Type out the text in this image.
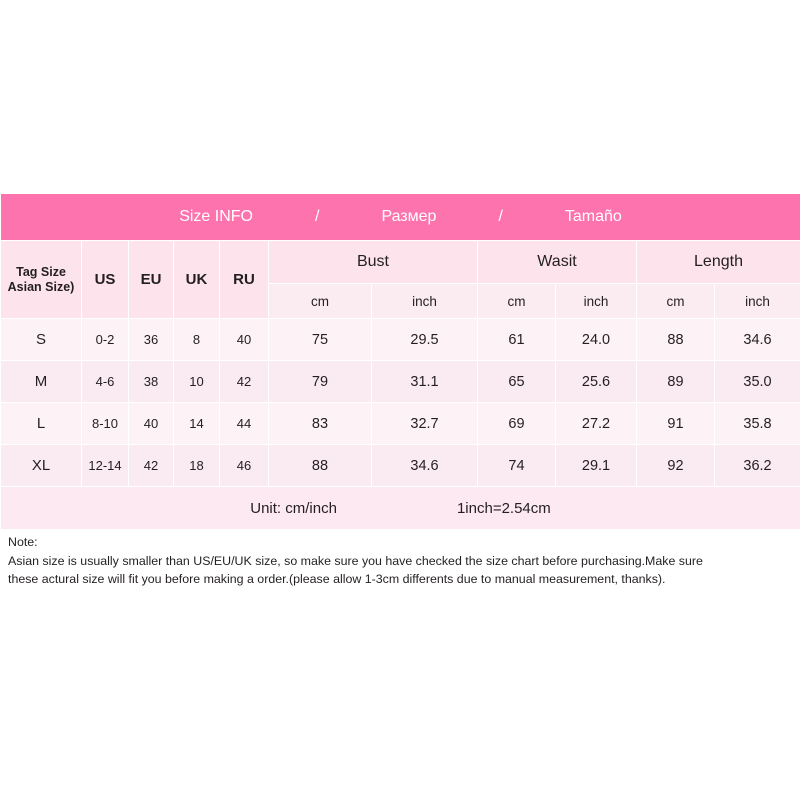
Size INFO / Размер / Tamaño										

Tag Size
Asian Size)	US	EU	UK	RU	Bust		Wasit		Length	
					cm	inch	cm	inch	cm	inch
S	0-2	36	8	40	75	29.5	61	24.0	88	34.6
M	4-6	38	10	42	79	31.1	65	25.6	89	35.0
L	8-10	40	14	44	83	32.7	69	27.2	91	35.8
XL	12-14	42	18	46	88	34.6	74	29.1	92	36.2

Unit: cm/inch 1inch=2.54cm										
Note:
Asian size is usually smaller than US/EU/UK size, so make sure you have checked the size chart before purchasing.Make sure
these actural size will fit you before making a order.(please allow 1-3cm differents due to manual measurement, thanks).
